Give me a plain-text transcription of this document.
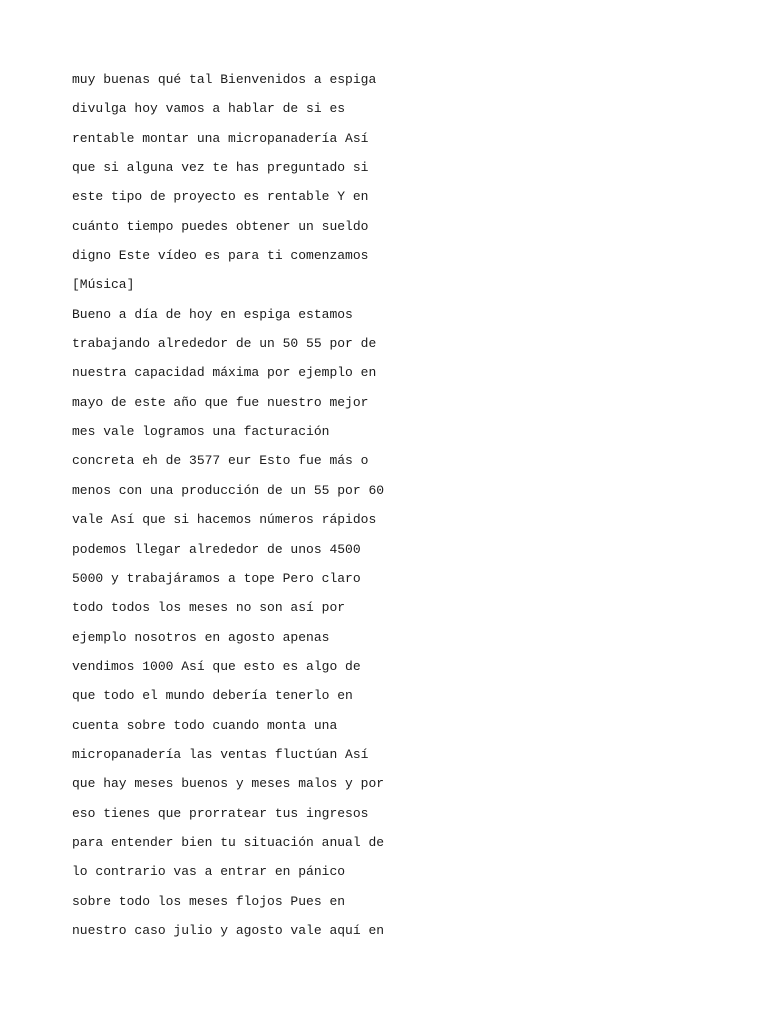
muy buenas qué tal Bienvenidos a espiga
divulga hoy vamos a hablar de si es
rentable montar una micropanadería Así
que si alguna vez te has preguntado si
este tipo de proyecto es rentable Y en
cuánto tiempo puedes obtener un sueldo
digno Este vídeo es para ti comenzamos
[Música]
Bueno a día de hoy en espiga estamos
trabajando alrededor de un 50 55 por de
nuestra capacidad máxima por ejemplo en
mayo de este año que fue nuestro mejor
mes vale logramos una facturación
concreta eh de 3577 eur Esto fue más o
menos con una producción de un 55 por 60
vale Así que si hacemos números rápidos
podemos llegar alrededor de unos 4500
5000 y trabajáramos a tope Pero claro
todo todos los meses no son así por
ejemplo nosotros en agosto apenas
vendimos 1000 Así que esto es algo de
que todo el mundo debería tenerlo en
cuenta sobre todo cuando monta una
micropanadería las ventas fluctúan Así
que hay meses buenos y meses malos y por
eso tienes que prorratear tus ingresos
para entender bien tu situación anual de
lo contrario vas a entrar en pánico
sobre todo los meses flojos Pues en
nuestro caso julio y agosto vale aquí en
